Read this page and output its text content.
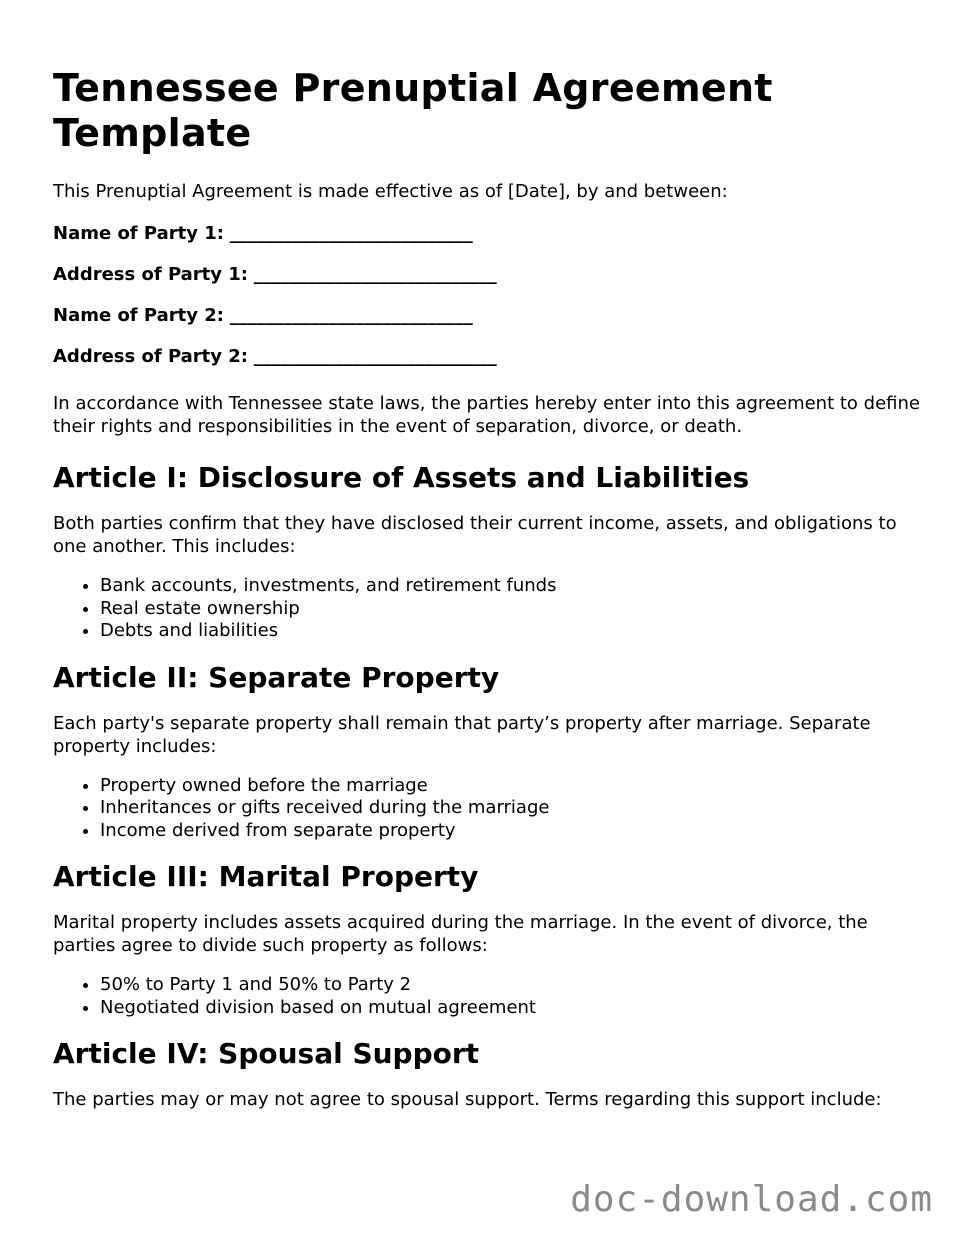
Tennessee Prenuptial Agreement Template

This Prenuptial Agreement is made effective as of [Date], by and between:

Name of Party 1: ___________________________
Address of Party 1: ___________________________
Name of Party 2: ___________________________
Address of Party 2: ___________________________

In accordance with Tennessee state laws, the parties hereby enter into this agreement to define their rights and responsibilities in the event of separation, divorce, or death.

Article I: Disclosure of Assets and Liabilities

Both parties confirm that they have disclosed their current income, assets, and obligations to one another. This includes:

• Bank accounts, investments, and retirement funds
• Real estate ownership
• Debts and liabilities
Article II: Separate Property

Each party's separate property shall remain that party’s property after marriage. Separate property includes:

• Property owned before the marriage
• Inheritances or gifts received during the marriage
• Income derived from separate property
Article III: Marital Property

Marital property includes assets acquired during the marriage. In the event of divorce, the parties agree to divide such property as follows:

• 50% to Party 1 and 50% to Party 2
• Negotiated division based on mutual agreement
Article IV: Spousal Support

The parties may or may not agree to spousal support. Terms regarding this support include:

doc-download.com
